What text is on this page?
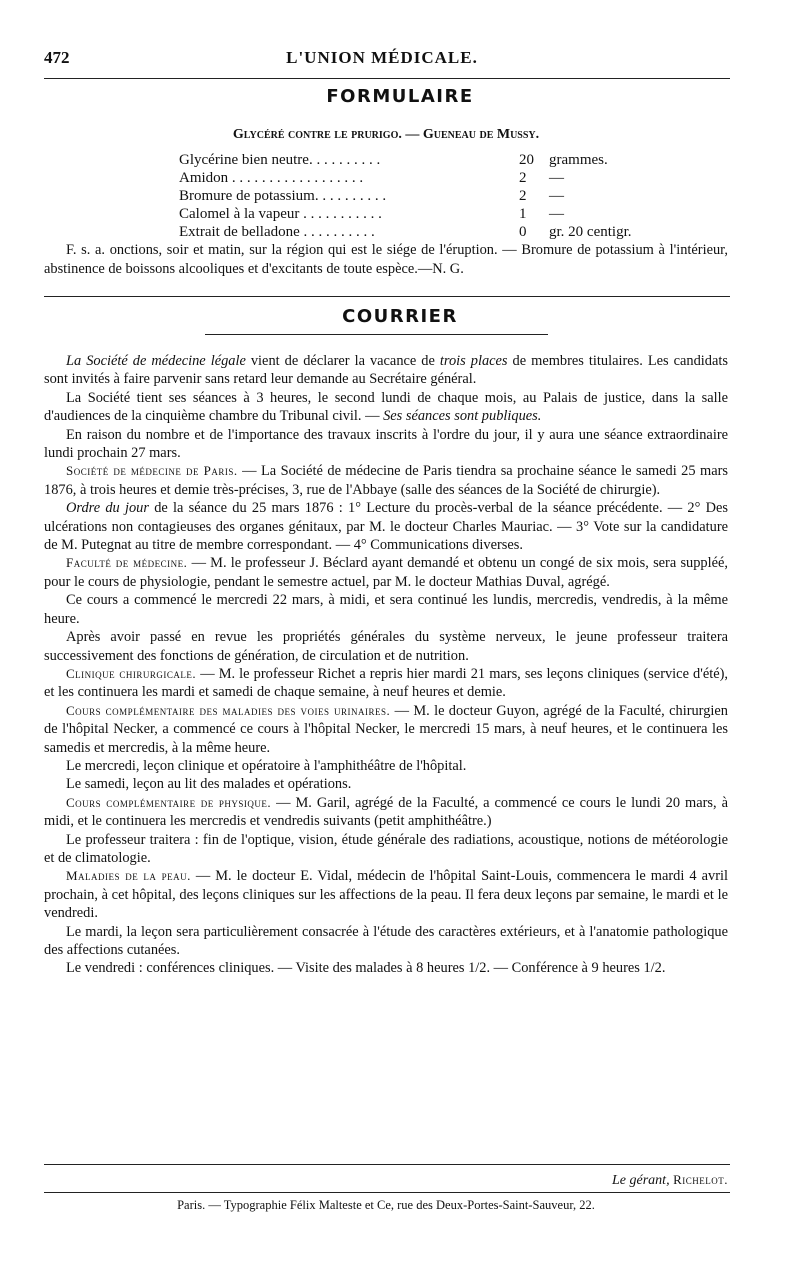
472	L'UNION MÉDICALE.
FORMULAIRE
Glycéré contre le prurigo. — Gueneau de Mussy.
Glycérine bien neutre. . . . . . . . . .	20	grammes.
Amidon . . . . . . . . . . . . . . . . . .	2	—
Bromure de potassium. . . . . . . . . .	2	—
Calomel à la vapeur . . . . . . . . . . .	1	—
Extrait de belladone . . . . . . . . . .	0	gr. 20 centigr.

F. s. a. onctions, soir et matin, sur la région qui est le siége de l'éruption. — Bromure de potassium à l'intérieur, abstinence de boissons alcooliques et d'excitants de toute espèce.—N. G.

COURRIER

La Société de médecine légale vient de déclarer la vacance de trois places de membres titulaires. Les candidats sont invités à faire parvenir sans retard leur demande au Secrétaire général.

La Société tient ses séances à 3 heures, le second lundi de chaque mois, au Palais de justice, dans la salle d'audiences de la cinquième chambre du Tribunal civil. — Ses séances sont publiques.

En raison du nombre et de l'importance des travaux inscrits à l'ordre du jour, il y aura une séance extraordinaire lundi prochain 27 mars.

Société de médecine de Paris. — La Société de médecine de Paris tiendra sa prochaine séance le samedi 25 mars 1876, à trois heures et demie très-précises, 3, rue de l'Abbaye (salle des séances de la Société de chirurgie).

Ordre du jour de la séance du 25 mars 1876 : 1° Lecture du procès-verbal de la séance précédente. — 2° Des ulcérations non contagieuses des organes génitaux, par M. le docteur Charles Mauriac. — 3° Vote sur la candidature de M. Putegnat au titre de membre correspondant. — 4° Communications diverses.

Faculté de médecine. — M. le professeur J. Béclard ayant demandé et obtenu un congé de six mois, sera suppléé, pour le cours de physiologie, pendant le semestre actuel, par M. le docteur Mathias Duval, agrégé.

Ce cours a commencé le mercredi 22 mars, à midi, et sera continué les lundis, mercredis, vendredis, à la même heure.

Après avoir passé en revue les propriétés générales du système nerveux, le jeune professeur traitera successivement des fonctions de génération, de circulation et de nutrition.

Clinique chirurgicale. — M. le professeur Richet a repris hier mardi 21 mars, ses leçons cliniques (service d'été), et les continuera les mardi et samedi de chaque semaine, à neuf heures et demie.

Cours complémentaire des maladies des voies urinaires. — M. le docteur Guyon, agrégé de la Faculté, chirurgien de l'hôpital Necker, a commencé ce cours à l'hôpital Necker, le mercredi 15 mars, à neuf heures, et le continuera les samedis et mercredis, à la même heure.

Le mercredi, leçon clinique et opératoire à l'amphithéâtre de l'hôpital.

Le samedi, leçon au lit des malades et opérations.

Cours complémentaire de physique. — M. Garil, agrégé de la Faculté, a commencé ce cours le lundi 20 mars, à midi, et le continuera les mercredis et vendredis suivants (petit amphithéâtre.)

Le professeur traitera : fin de l'optique, vision, étude générale des radiations, acoustique, notions de météorologie et de climatologie.

Maladies de la peau. — M. le docteur E. Vidal, médecin de l'hôpital Saint-Louis, commencera le mardi 4 avril prochain, à cet hôpital, des leçons cliniques sur les affections de la peau. Il fera deux leçons par semaine, le mardi et le vendredi.

Le mardi, la leçon sera particulièrement consacrée à l'étude des caractères extérieurs, et à l'anatomie pathologique des affections cutanées.

Le vendredi : conférences cliniques. — Visite des malades à 8 heures 1/2. — Conférence à 9 heures 1/2.

Le gérant, Richelot.
Paris. — Typographie Félix Malteste et Ce, rue des Deux-Portes-Saint-Sauveur, 22.
